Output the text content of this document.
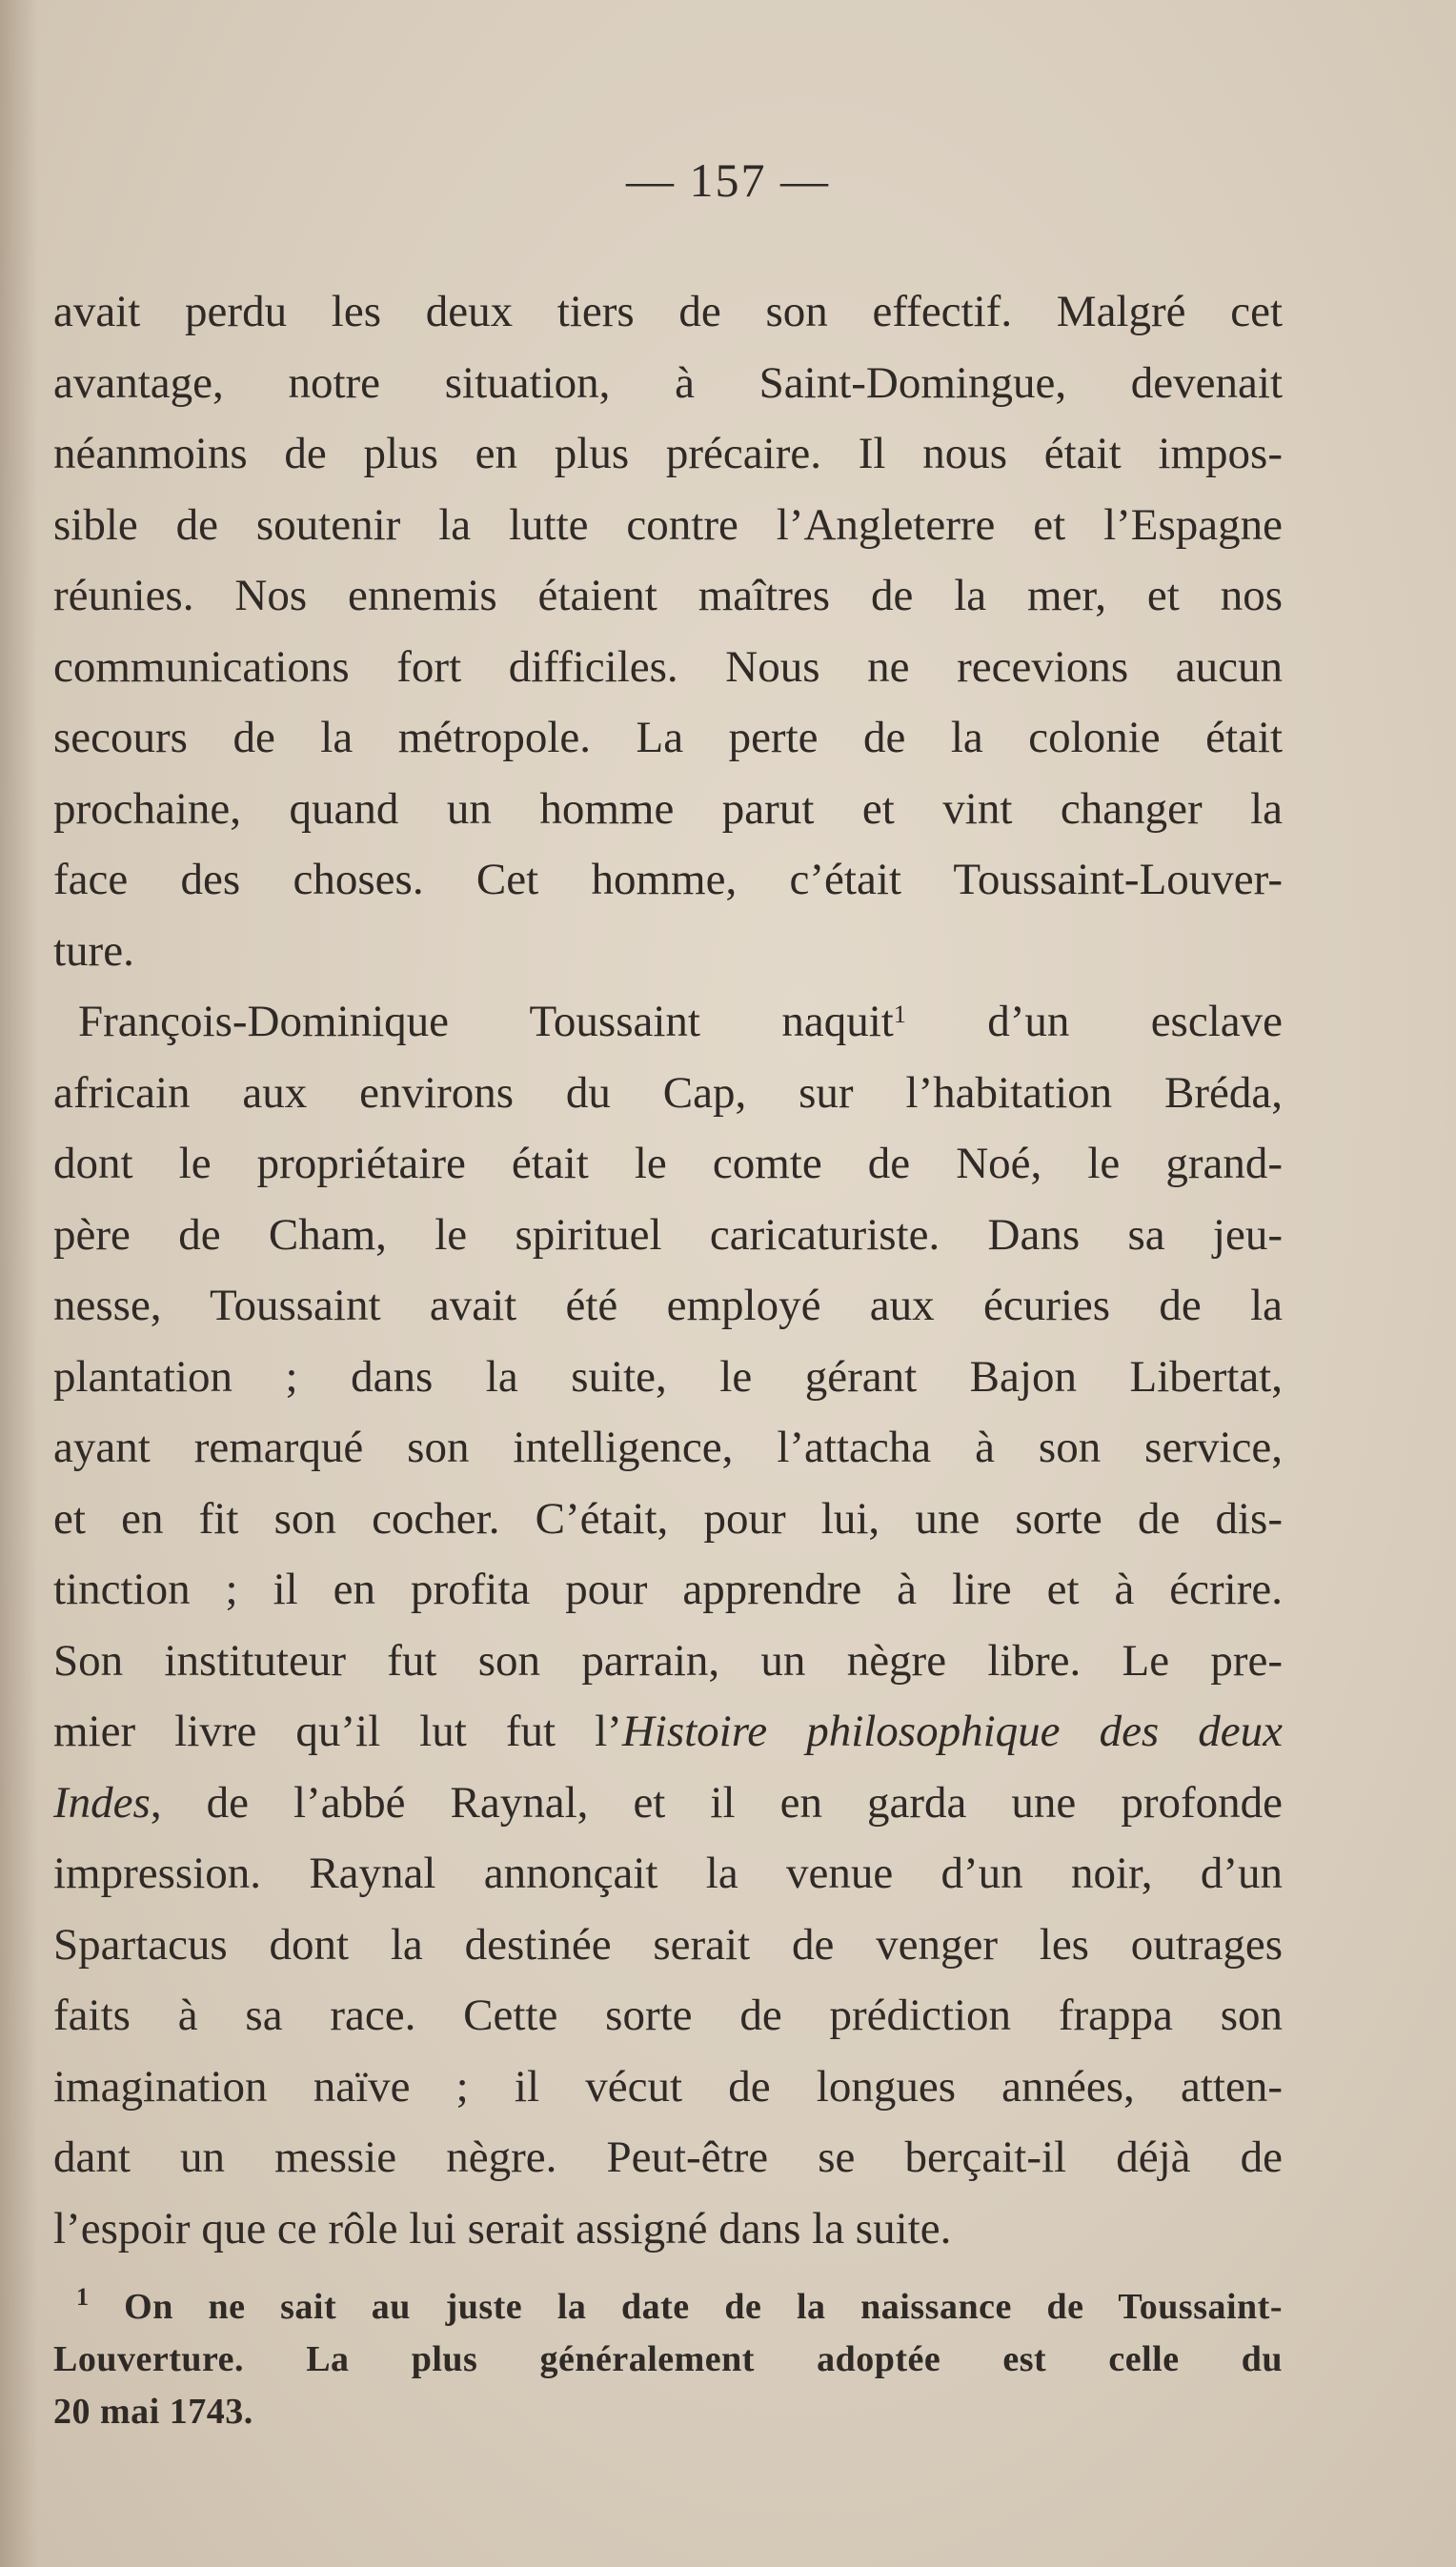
— 157 —
avait perdu les deux tiers de son effectif. Malgré cet
avantage, notre situation, à Saint-Domingue, devenait
néanmoins de plus en plus précaire. Il nous était impos-
sible de soutenir la lutte contre l’Angleterre et l’Espagne
réunies. Nos ennemis étaient maîtres de la mer, et nos
communications fort difficiles. Nous ne recevions aucun
secours de la métropole. La perte de la colonie était
prochaine, quand un homme parut et vint changer la
face des choses. Cet homme, c’était Toussaint-Louver-
ture.
François-Dominique Toussaint naquit$^1$ d’un esclave
africain aux environs du Cap, sur l’habitation Bréda,
dont le propriétaire était le comte de Noé, le grand-
père de Cham, le spirituel caricaturiste. Dans sa jeu-
nesse, Toussaint avait été employé aux écuries de la
plantation ; dans la suite, le gérant Bajon Libertat,
ayant remarqué son intelligence, l’attacha à son service,
et en fit son cocher. C’était, pour lui, une sorte de dis-
tinction ; il en profita pour apprendre à lire et à écrire.
Son instituteur fut son parrain, un nègre libre. Le pre-
mier livre qu’il lut fut l’Histoire philosophique des deux
Indes, de l’abbé Raynal, et il en garda une profonde
impression. Raynal annonçait la venue d’un noir, d’un
Spartacus dont la destinée serait de venger les outrages
faits à sa race. Cette sorte de prédiction frappa son
imagination naïve ; il vécut de longues années, atten-
dant un messie nègre. Peut-être se berçait-il déjà de
l’espoir que ce rôle lui serait assigné dans la suite.
$^1$ On ne sait au juste la date de la naissance de Toussaint-
Louverture. La plus généralement adoptée est celle du
20 mai 1743.
